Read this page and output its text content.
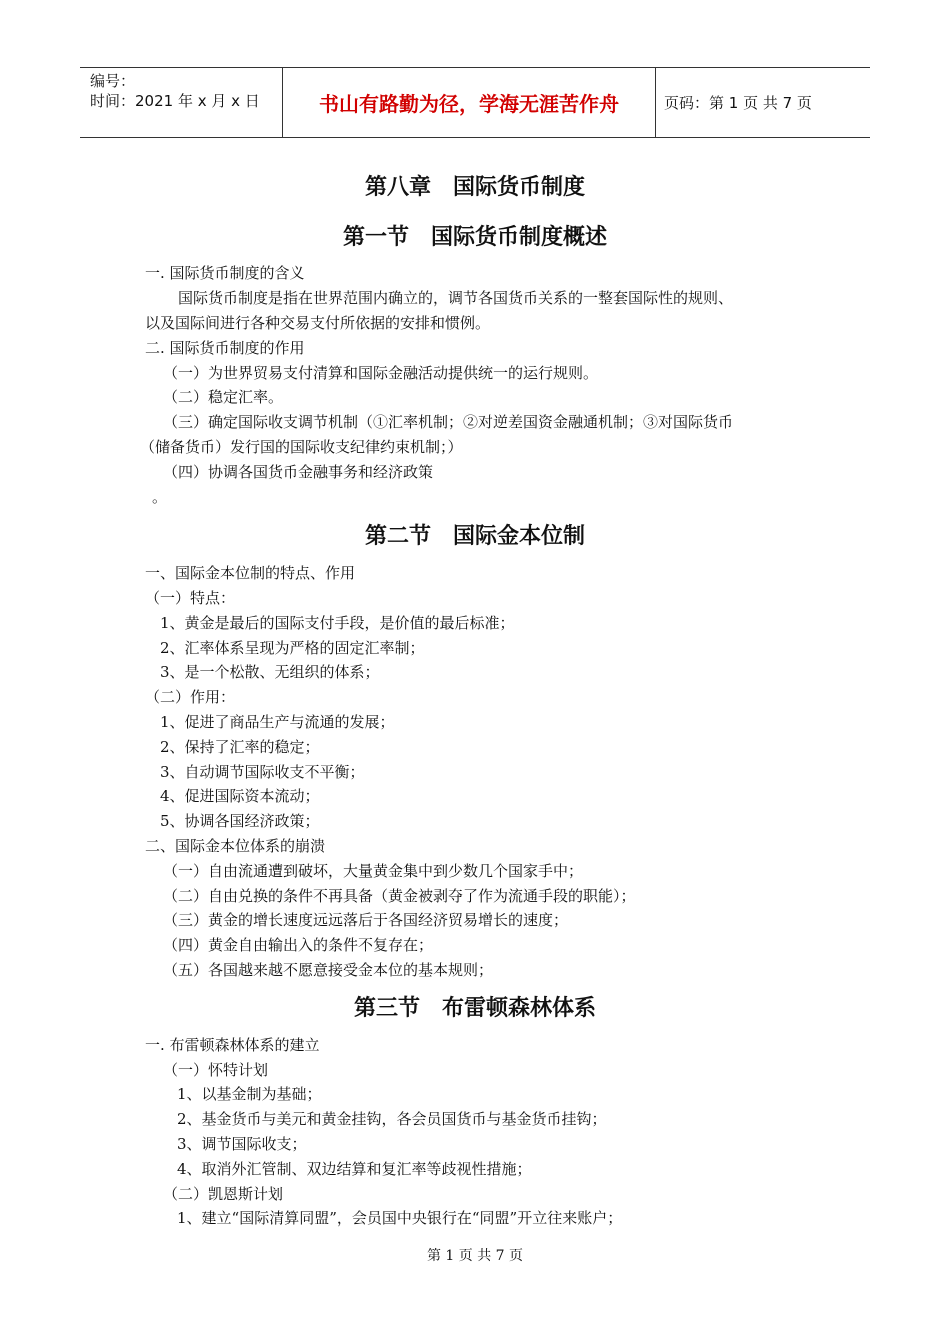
编号：
时间：2021 年 x 月 x 日	书山有路勤为径，学海无涯苦作舟	页码：第 1 页 共 7 页
第八章　国际货币制度
第一节　国际货币制度概述
一. 国际货币制度的含义
国际货币制度是指在世界范围内确立的，调节各国货币关系的一整套国际性的规则、
以及国际间进行各种交易支付所依据的安排和惯例。
二. 国际货币制度的作用
（一）为世界贸易支付清算和国际金融活动提供统一的运行规则。
（二）稳定汇率。
（三）确定国际收支调节机制（①汇率机制；②对逆差国资金融通机制；③对国际货币
（储备货币）发行国的国际收支纪律约束机制；）
（四）协调各国货币金融事务和经济政策
。
第二节　国际金本位制
一、国际金本位制的特点、作用
（一）特点：
1、黄金是最后的国际支付手段，是价值的最后标准；
2、汇率体系呈现为严格的固定汇率制；
3、是一个松散、无组织的体系；
（二）作用：
1、促进了商品生产与流通的发展；
2、保持了汇率的稳定；
3、自动调节国际收支不平衡；
4、促进国际资本流动；
5、协调各国经济政策；
二、国际金本位体系的崩溃
（一）自由流通遭到破坏，大量黄金集中到少数几个国家手中；
（二）自由兑换的条件不再具备（黄金被剥夺了作为流通手段的职能）；
（三）黄金的增长速度远远落后于各国经济贸易增长的速度；
（四）黄金自由输出入的条件不复存在；
（五）各国越来越不愿意接受金本位的基本规则；
第三节　布雷顿森林体系
一. 布雷顿森林体系的建立
（一）怀特计划
1、以基金制为基础；
2、基金货币与美元和黄金挂钩，各会员国货币与基金货币挂钩；
3、调节国际收支；
4、取消外汇管制、双边结算和复汇率等歧视性措施；
（二）凯恩斯计划
1、建立“国际清算同盟”，会员国中央银行在“同盟”开立往来账户；
第 1 页 共 7 页
